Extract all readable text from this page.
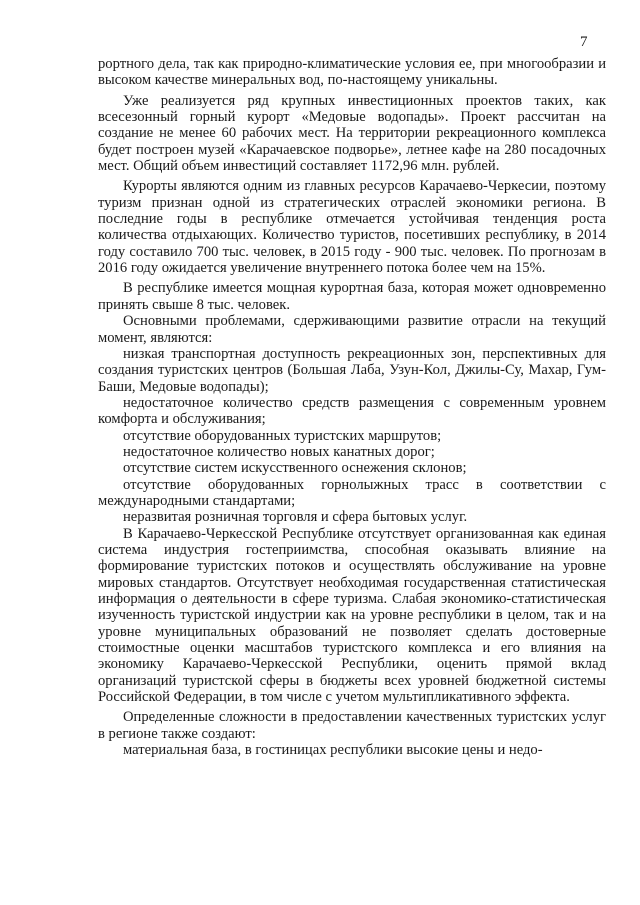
7

рортного дела, так как природно-климатические условия ее, при многообразии и высоком качестве минеральных вод, по-настоящему уникальны.

Уже реализуется ряд крупных инвестиционных проектов таких, как всесезонный горный курорт «Медовые водопады». Проект рассчитан на создание не менее 60 рабочих мест. На территории рекреационного комплекса будет построен музей «Карачаевское подворье», летнее кафе на 280 посадочных мест. Общий объем инвестиций составляет 1172,96 млн. рублей.

Курорты являются одним из главных ресурсов Карачаево-Черкесии, поэтому туризм признан одной из стратегических отраслей экономики региона. В последние годы в республике отмечается устойчивая тенденция роста количества отдыхающих. Количество туристов, посетивших республику, в 2014 году составило 700 тыс. человек, в 2015 году - 900 тыс. человек. По прогнозам в 2016 году ожидается увеличение внутреннего потока более чем на 15%.

В республике имеется мощная курортная база, которая может одновременно принять свыше 8 тыс. человек.

Основными проблемами, сдерживающими развитие отрасли на текущий момент, являются:

низкая транспортная доступность рекреационных зон, перспективных для создания туристских центров (Большая Лаба, Узун-Кол, Джилы-Су, Махар, Гум-Баши, Медовые водопады);

недостаточное количество средств размещения с современным уровнем комфорта и обслуживания;

отсутствие оборудованных туристских маршрутов;

недостаточное количество новых канатных дорог;

отсутствие систем искусственного оснежения склонов;

отсутствие оборудованных горнолыжных трасс в соответствии с международными стандартами;

неразвитая розничная торговля и сфера бытовых услуг.

В Карачаево-Черкесской Республике отсутствует организованная как единая система индустрия гостеприимства, способная оказывать влияние на формирование туристских потоков и осуществлять обслуживание на уровне мировых стандартов. Отсутствует необходимая государственная статистическая информация о деятельности в сфере туризма. Слабая экономико-статистическая изученность туристской индустрии как на уровне республики в целом, так и на уровне муниципальных образований не позволяет сделать достоверные стоимостные оценки масштабов туристского комплекса и его влияния на экономику Карачаево-Черкесской Республики, оценить прямой вклад организаций туристской сферы в бюджеты всех уровней бюджетной системы Российской Федерации, в том числе с учетом мультипликативного эффекта.

Определенные сложности в предоставлении качественных туристских услуг в регионе также создают:

материальная база, в гостиницах республики высокие цены и недо-
